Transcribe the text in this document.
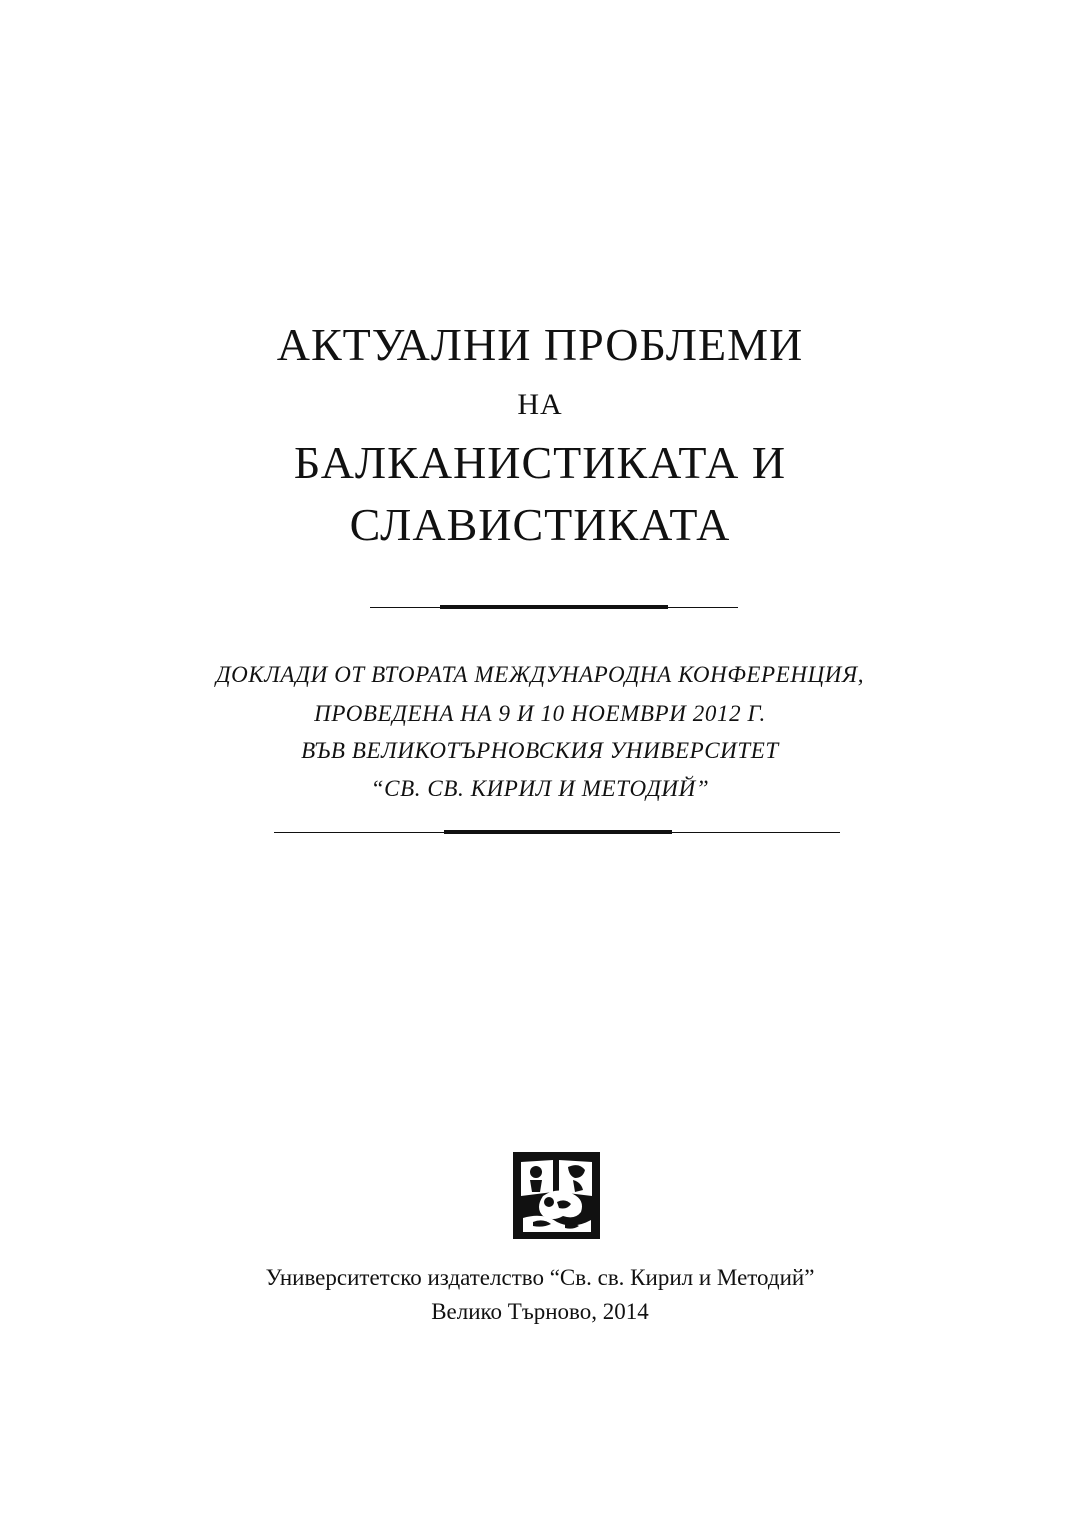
АКТУАЛНИ ПРОБЛЕМИ
НА
БАЛКАНИСТИКАТА И
СЛАВИСТИКАТА
ДОКЛАДИ ОТ ВТОРАТА МЕЖДУНАРОДНА КОНФЕРЕНЦИЯ,
ПРОВЕДЕНА НА 9 И 10 НОЕМВРИ 2012 Г.
ВЪВ ВЕЛИКОТЪРНОВСКИЯ УНИВЕРСИТЕТ
“СВ. СВ. КИРИЛ И МЕТОДИЙ”
Университетско издателство “Св. св. Кирил и Методий”
Велико Търново, 2014
